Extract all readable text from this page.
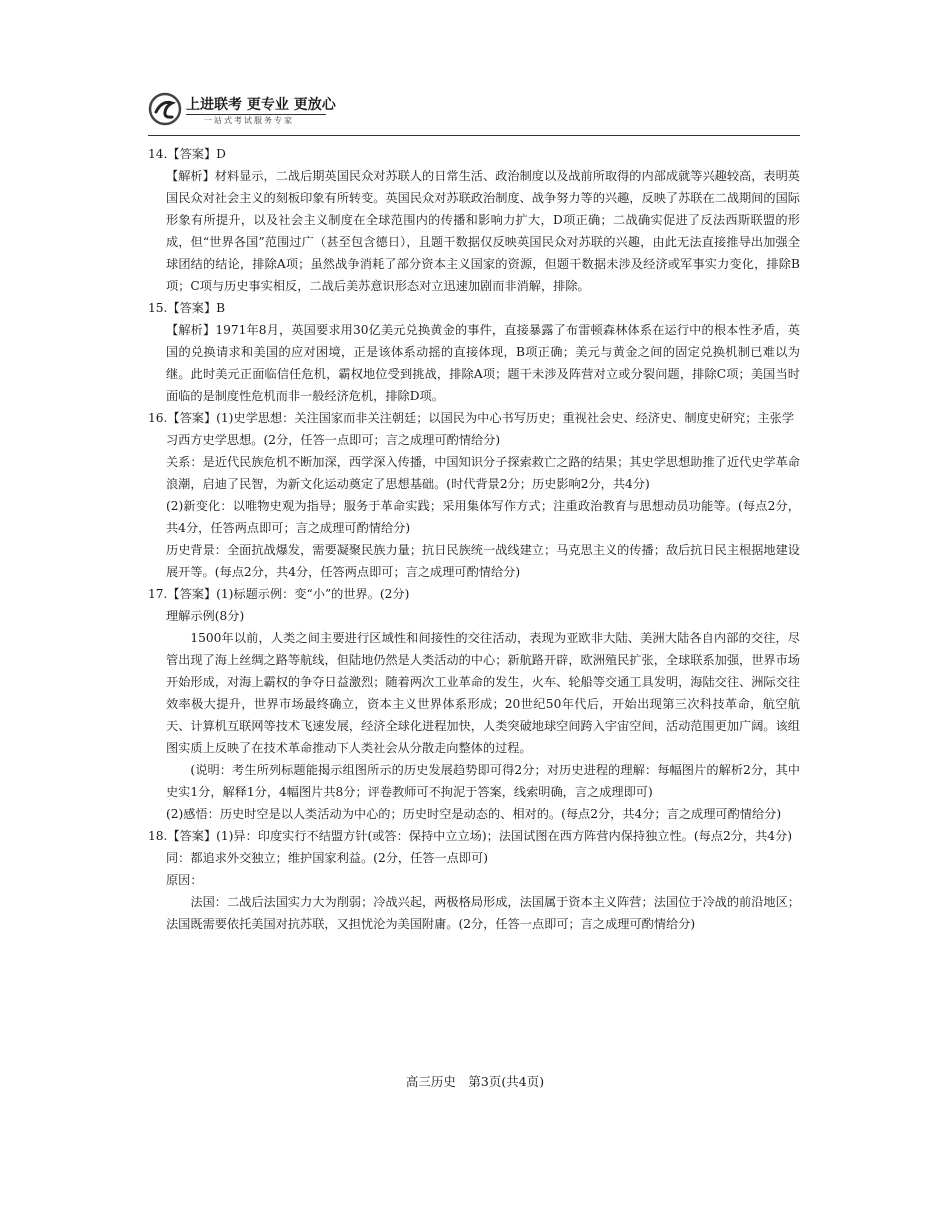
上进联考 更专业 更放心
一站式考试服务专家

14.【答案】D

【解析】材料显示，二战后期英国民众对苏联人的日常生活、政治制度以及战前所取得的内部成就等兴趣较高，表明英国民众对社会主义的刻板印象有所转变。英国民众对苏联政治制度、战争努力等的兴趣，反映了苏联在二战期间的国际形象有所提升，以及社会主义制度在全球范围内的传播和影响力扩大，D项正确；二战确实促进了反法西斯联盟的形成，但“世界各国”范围过广（甚至包含德日），且题干数据仅反映英国民众对苏联的兴趣，由此无法直接推导出加强全球团结的结论，排除A项；虽然战争消耗了部分资本主义国家的资源，但题干数据未涉及经济或军事实力变化，排除B项；C项与历史事实相反，二战后美苏意识形态对立迅速加剧而非消解，排除。

15.【答案】B

【解析】1971年8月，英国要求用30亿美元兑换黄金的事件，直接暴露了布雷顿森林体系在运行中的根本性矛盾，英国的兑换请求和美国的应对困境，正是该体系动摇的直接体现，B项正确；美元与黄金之间的固定兑换机制已难以为继。此时美元正面临信任危机，霸权地位受到挑战，排除A项；题干未涉及阵营对立或分裂问题，排除C项；美国当时面临的是制度性危机而非一般经济危机，排除D项。

16.【答案】(1)史学思想：关注国家而非关注朝廷；以国民为中心书写历史；重视社会史、经济史、制度史研究；主张学习西方史学思想。(2分，任答一点即可；言之成理可酌情给分)

关系：是近代民族危机不断加深，西学深入传播，中国知识分子探索救亡之路的结果；其史学思想助推了近代史学革命浪潮，启迪了民智，为新文化运动奠定了思想基础。(时代背景2分；历史影响2分，共4分)

(2)新变化：以唯物史观为指导；服务于革命实践；采用集体写作方式；注重政治教育与思想动员功能等。(每点2分，共4分，任答两点即可；言之成理可酌情给分)

历史背景：全面抗战爆发，需要凝聚民族力量；抗日民族统一战线建立；马克思主义的传播；敌后抗日民主根据地建设展开等。(每点2分，共4分，任答两点即可；言之成理可酌情给分)

17.【答案】(1)标题示例：变“小”的世界。(2分)

理解示例(8分)

1500年以前，人类之间主要进行区域性和间接性的交往活动，表现为亚欧非大陆、美洲大陆各自内部的交往，尽管出现了海上丝绸之路等航线，但陆地仍然是人类活动的中心；新航路开辟，欧洲殖民扩张，全球联系加强，世界市场开始形成，对海上霸权的争夺日益激烈；随着两次工业革命的发生，火车、轮船等交通工具发明，海陆交往、洲际交往效率极大提升，世界市场最终确立，资本主义世界体系形成；20世纪50年代后，开始出现第三次科技革命，航空航天、计算机互联网等技术飞速发展，经济全球化进程加快，人类突破地球空间跨入宇宙空间，活动范围更加广阔。该组图实质上反映了在技术革命推动下人类社会从分散走向整体的过程。

(说明：考生所列标题能揭示组图所示的历史发展趋势即可得2分；对历史进程的理解：每幅图片的解析2分，其中史实1分，解释1分，4幅图片共8分；评卷教师可不拘泥于答案，线索明确，言之成理即可)

(2)感悟：历史时空是以人类活动为中心的；历史时空是动态的、相对的。(每点2分，共4分；言之成理可酌情给分)

18.【答案】(1)异：印度实行不结盟方针(或答：保持中立立场)；法国试图在西方阵营内保持独立性。(每点2分，共4分)

同：都追求外交独立；维护国家利益。(2分，任答一点即可)

原因：

法国：二战后法国实力大为削弱；冷战兴起，两极格局形成，法国属于资本主义阵营；法国位于冷战的前沿地区；法国既需要依托美国对抗苏联，又担忧沦为美国附庸。(2分，任答一点即可；言之成理可酌情给分)

高三历史　第3页(共4页)
